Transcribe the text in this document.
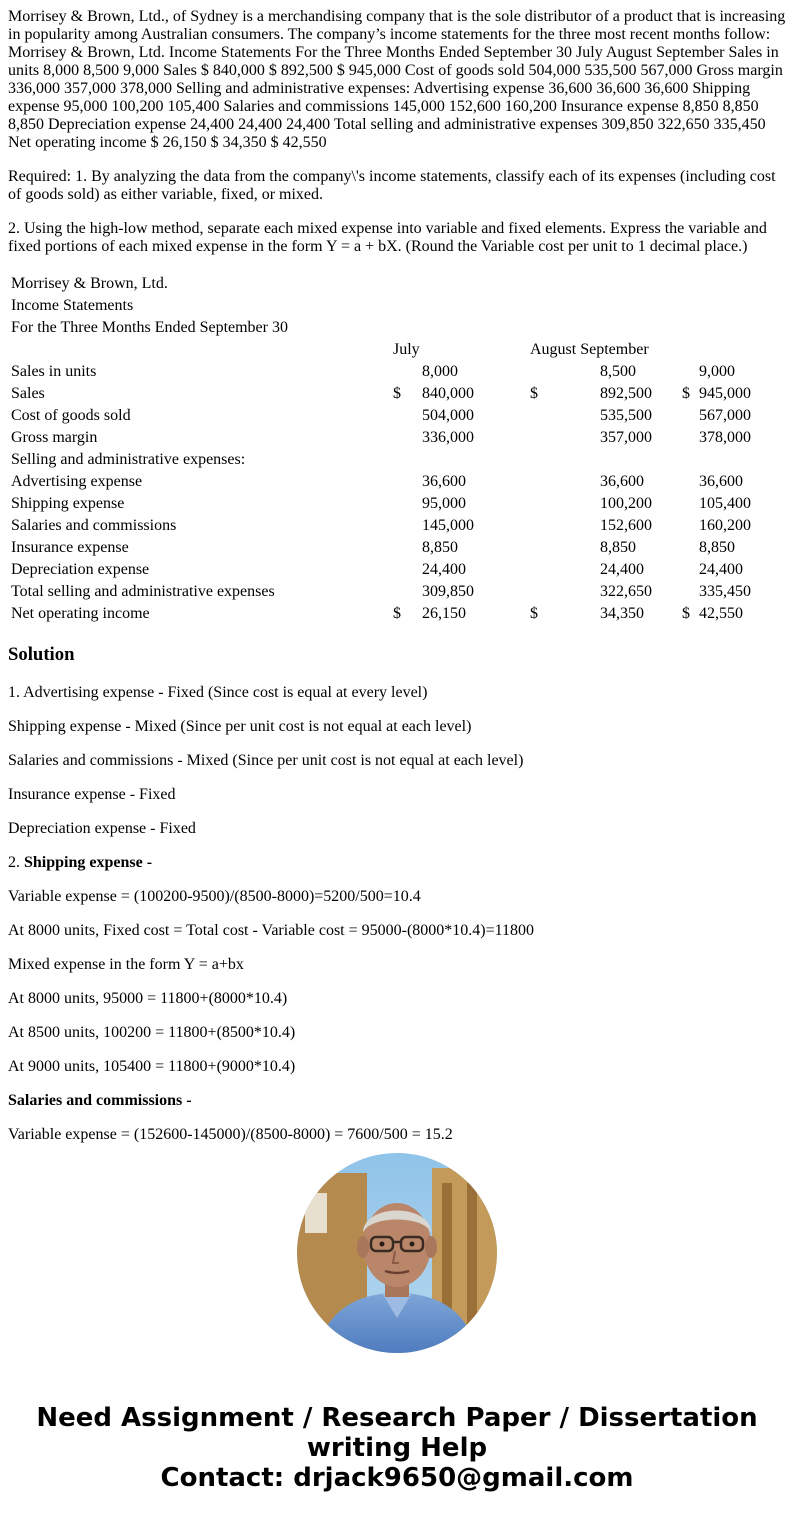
Morrisey & Brown, Ltd., of Sydney is a merchandising company that is the sole distributor of a product that is increasing in popularity among Australian consumers. The company’s income statements for the three most recent months follow: Morrisey & Brown, Ltd. Income Statements For the Three Months Ended September 30 July August September Sales in units 8,000 8,500 9,000 Sales $ 840,000 $ 892,500 $ 945,000 Cost of goods sold 504,000 535,500 567,000 Gross margin 336,000 357,000 378,000 Selling and administrative expenses: Advertising expense 36,600 36,600 36,600 Shipping expense 95,000 100,200 105,400 Salaries and commissions 145,000 152,600 160,200 Insurance expense 8,850 8,850 8,850 Depreciation expense 24,400 24,400 24,400 Total selling and administrative expenses 309,850 322,650 335,450 Net operating income $ 26,150 $ 34,350 $ 42,550

Required: 1. By analyzing the data from the company\'s income statements, classify each of its expenses (including cost of goods sold) as either variable, fixed, or mixed.

2. Using the high-low method, separate each mixed expense into variable and fixed elements. Express the variable and fixed portions of each mixed expense in the form Y = a + bX. (Round the Variable cost per unit to 1 decimal place.)

Morrisey & Brown, Ltd.						
Income Statements						
For the Three Months Ended September 30						
	July		August September			
Sales in units		8,000		8,500		9,000
Sales	$	840,000	$	892,500	$	945,000
Cost of goods sold		504,000		535,500		567,000
Gross margin		336,000		357,000		378,000
Selling and administrative expenses:						
Advertising expense		36,600		36,600		36,600
Shipping expense		95,000		100,200		105,400
Salaries and commissions		145,000		152,600		160,200
Insurance expense		8,850		8,850		8,850
Depreciation expense		24,400		24,400		24,400
Total selling and administrative expenses		309,850		322,650		335,450
Net operating income	$	26,150	$	34,350	$	42,550
Solution

1. Advertising expense - Fixed (Since cost is equal at every level)

Shipping expense - Mixed (Since per unit cost is not equal at each level)

Salaries and commissions - Mixed (Since per unit cost is not equal at each level)

Insurance expense - Fixed

Depreciation expense - Fixed

2. Shipping expense -

Variable expense = (100200-9500)/(8500-8000)=5200/500=10.4

At 8000 units, Fixed cost = Total cost - Variable cost = 95000-(8000*10.4)=11800

Mixed expense in the form Y = a+bx

At 8000 units, 95000 = 11800+(8000*10.4)

At 8500 units, 100200 = 11800+(8500*10.4)

At 9000 units, 105400 = 11800+(9000*10.4)

Salaries and commissions -

Variable expense = (152600-145000)/(8500-8000) = 7600/500 = 15.2

Need Assignment / Research Paper / Dissertation
writing Help
Contact: drjack9650@gmail.com
